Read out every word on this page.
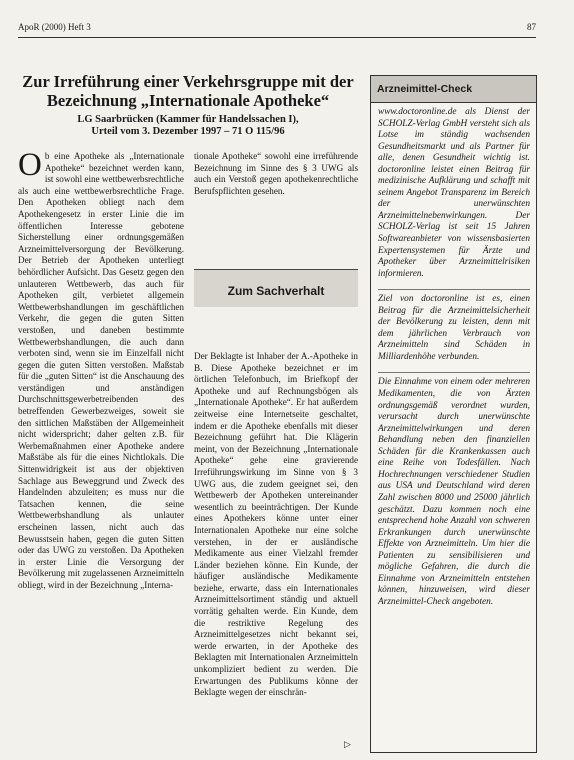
ApoR (2000) Heft 3	87
Zur Irreführung einer Verkehrsgruppe mit der Bezeichnung „Internationale Apotheke“
LG Saarbrücken (Kammer für Handelssachen I),
Urteil vom 3. Dezember 1997 – 71 O 115/96

Ob eine Apotheke als „Internationale Apotheke“ bezeichnet werden kann, ist sowohl eine wettbewerbsrechtliche als auch eine wettbewerbsrechtliche Frage. Den Apotheken obliegt nach dem Apothekengesetz in erster Linie die im öffentlichen Interesse gebotene Sicherstellung einer ordnungsgemäßen Arzneimittelversorgung der Bevölkerung. Der Betrieb der Apotheken unterliegt behördlicher Aufsicht. Das Gesetz gegen den unlauteren Wettbewerb, das auch für Apotheken gilt, verbietet allgemein Wettbewerbshandlungen im geschäftlichen Verkehr, die gegen die guten Sitten verstoßen, und daneben bestimmte Wettbewerbshandlungen, die auch dann verboten sind, wenn sie im Einzelfall nicht gegen die guten Sitten verstoßen. Maßstab für die „guten Sitten“ ist die Anschauung des verständigen und anständigen Durchschnittsgewerbetreibenden des betreffenden Gewerbezweiges, soweit sie den sittlichen Maßstäben der Allgemeinheit nicht widerspricht; daher gelten z.B. für Werbemaßnahmen einer Apotheke andere Maßstäbe als für die eines Nichtlokals. Die Sittenwidrigkeit ist aus der objektiven Sachlage aus Beweggrund und Zweck des Handelnden abzuleiten; es muss nur die Tatsachen kennen, die seine Wettbewerbshandlung als unlauter erscheinen lassen, nicht auch das Bewusstsein haben, gegen die guten Sitten oder das UWG zu verstoßen. Da Apotheken in erster Linie die Versorgung der Bevölkerung mit zugelassenen Arzneimitteln obliegt, wird in der Bezeichnung „Interna-

tionale Apotheke“ sowohl eine irreführende Bezeichnung im Sinne des § 3 UWG als auch ein Verstoß gegen apothekenrechtliche Berufspflichten gesehen.

Zum Sachverhalt

Der Beklagte ist Inhaber der A.-Apotheke in B. Diese Apotheke bezeichnet er im örtlichen Telefonbuch, im Briefkopf der Apotheke und auf Rechnungsbögen als „Internationale Apotheke“. Er hat außerdem zeitweise eine Internetseite geschaltet, indem er die Apotheke ebenfalls mit dieser Bezeichnung geführt hat. Die Klägerin meint, von der Bezeichnung „Internationale Apotheke“ gehe eine gravierende Irreführungswirkung im Sinne von § 3 UWG aus, die zudem geeignet sei, den Wettbewerb der Apotheken untereinander wesentlich zu beeinträchtigen. Der Kunde eines Apothekers könne unter einer Internationalen Apotheke nur eine solche verstehen, in der er ausländische Medikamente aus einer Vielzahl fremder Länder beziehen könne. Ein Kunde, der häufiger ausländische Medikamente beziehe, erwarte, dass ein Internationales Arzneimittelsortiment ständig und aktuell vorrätig gehalten werde. Ein Kunde, dem die restriktive Regelung des Arzneimittelgesetzes nicht bekannt sei, werde erwarten, in der Apotheke des Beklagten mit Internationalen Arzneimitteln unkompliziert bedient zu werden. Die Erwartungen des Publikums könne der Beklagte wegen der einschrän-

▷
Arzneimittel-Check

www.doctoronline.de als Dienst der SCHOLZ-Verlag GmbH versteht sich als Lotse im ständig wachsenden Gesundheitsmarkt und als Partner für alle, denen Gesundheit wichtig ist. doctoronline leistet einen Beitrag für medizinische Aufklärung und schafft mit seinem Angebot Transparenz im Bereich der unerwünschten Arzneimittelnebenwirkungen. Der SCHOLZ-Verlag ist seit 15 Jahren Softwareanbieter von wissensbasierten Expertensystemen für Ärzte und Apotheker über Arzneimittelrisiken informieren.

Ziel von doctoronline ist es, einen Beitrag für die Arzneimittelsicherheit der Bevölkerung zu leisten, denn mit dem jährlichen Verbrauch von Arzneimitteln sind Schäden in Milliardenhöhe verbunden.

Die Einnahme von einem oder mehreren Medikamenten, die von Ärzten ordnungsgemäß verordnet wurden, verursacht durch unerwünschte Arzneimittelwirkungen und deren Behandlung neben den finanziellen Schäden für die Krankenkassen auch eine Reihe von Todesfällen. Nach Hochrechnungen verschiedener Studien aus USA und Deutschland wird deren Zahl zwischen 8000 und 25000 jährlich geschätzt. Dazu kommen noch eine entsprechend hohe Anzahl von schweren Erkrankungen durch unerwünschte Effekte von Arzneimitteln. Um hier die Patienten zu sensibilisieren und mögliche Gefahren, die durch die Einnahme von Arzneimitteln entstehen können, hinzuweisen, wird dieser Arzneimittel-Check angeboten.
